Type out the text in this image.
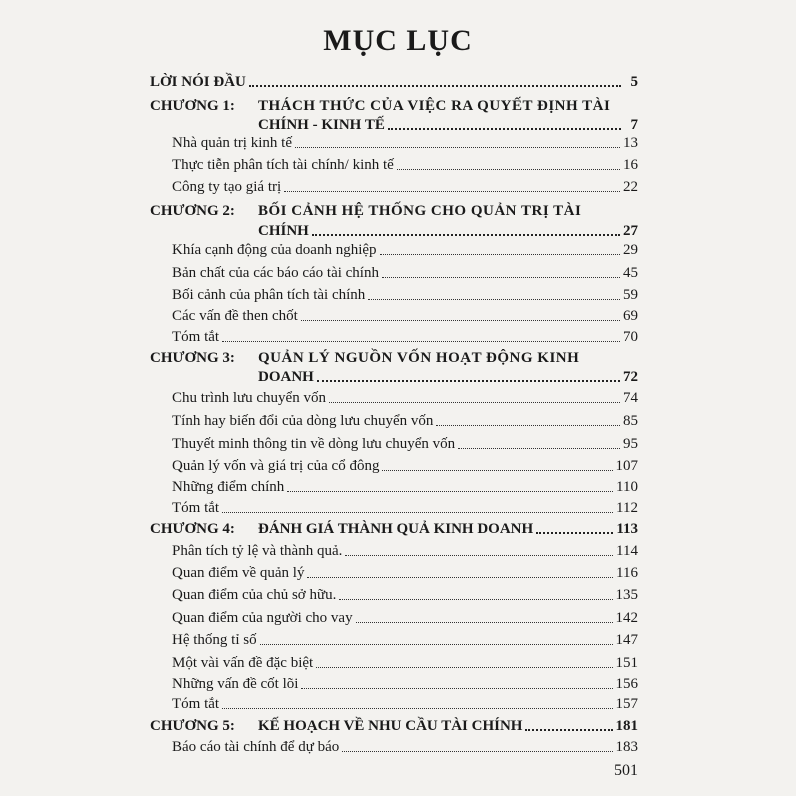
MỤC LỤC
LỜI NÓI ĐẦU	5
CHƯƠNG 1:	THÁCH THỨC CỦA VIỆC RA QUYẾT ĐỊNH TÀI
CHÍNH - KINH TẾ	7
Nhà quản trị kinh tế	13
Thực tiễn phân tích tài chính/ kinh tế	16
Công ty tạo giá trị	22
CHƯƠNG 2:	BỐI CẢNH HỆ THỐNG CHO QUẢN TRỊ TÀI
CHÍNH	27
Khía cạnh động của doanh nghiệp	29
Bản chất của các báo cáo tài chính	45
Bối cảnh của phân tích tài chính	59
Các vấn đề then chốt	69
Tóm tắt	70
CHƯƠNG 3:	QUẢN LÝ NGUỒN VỐN HOẠT ĐỘNG KINH
DOANH	72
Chu trình lưu chuyển vốn	74
Tính hay biến đổi của dòng lưu chuyển vốn	85
Thuyết minh thông tin về dòng lưu chuyển vốn	95
Quản lý vốn và giá trị của cổ đông	107
Những điểm chính	110
Tóm tắt	112
CHƯƠNG 4:	ĐÁNH GIÁ THÀNH QUẢ KINH DOANH	113
Phân tích tỷ lệ và thành quả.	114
Quan điểm về quản lý	116
Quan điểm của chủ sở hữu.	135
Quan điểm của người cho vay	142
Hệ thống tỉ số	147
Một vài vấn đề đặc biệt	151
Những vấn đề cốt lõi	156
Tóm tắt	157
CHƯƠNG 5:	KẾ HOẠCH VỀ NHU CẦU TÀI CHÍNH	181
Báo cáo tài chính để dự báo	183
501
